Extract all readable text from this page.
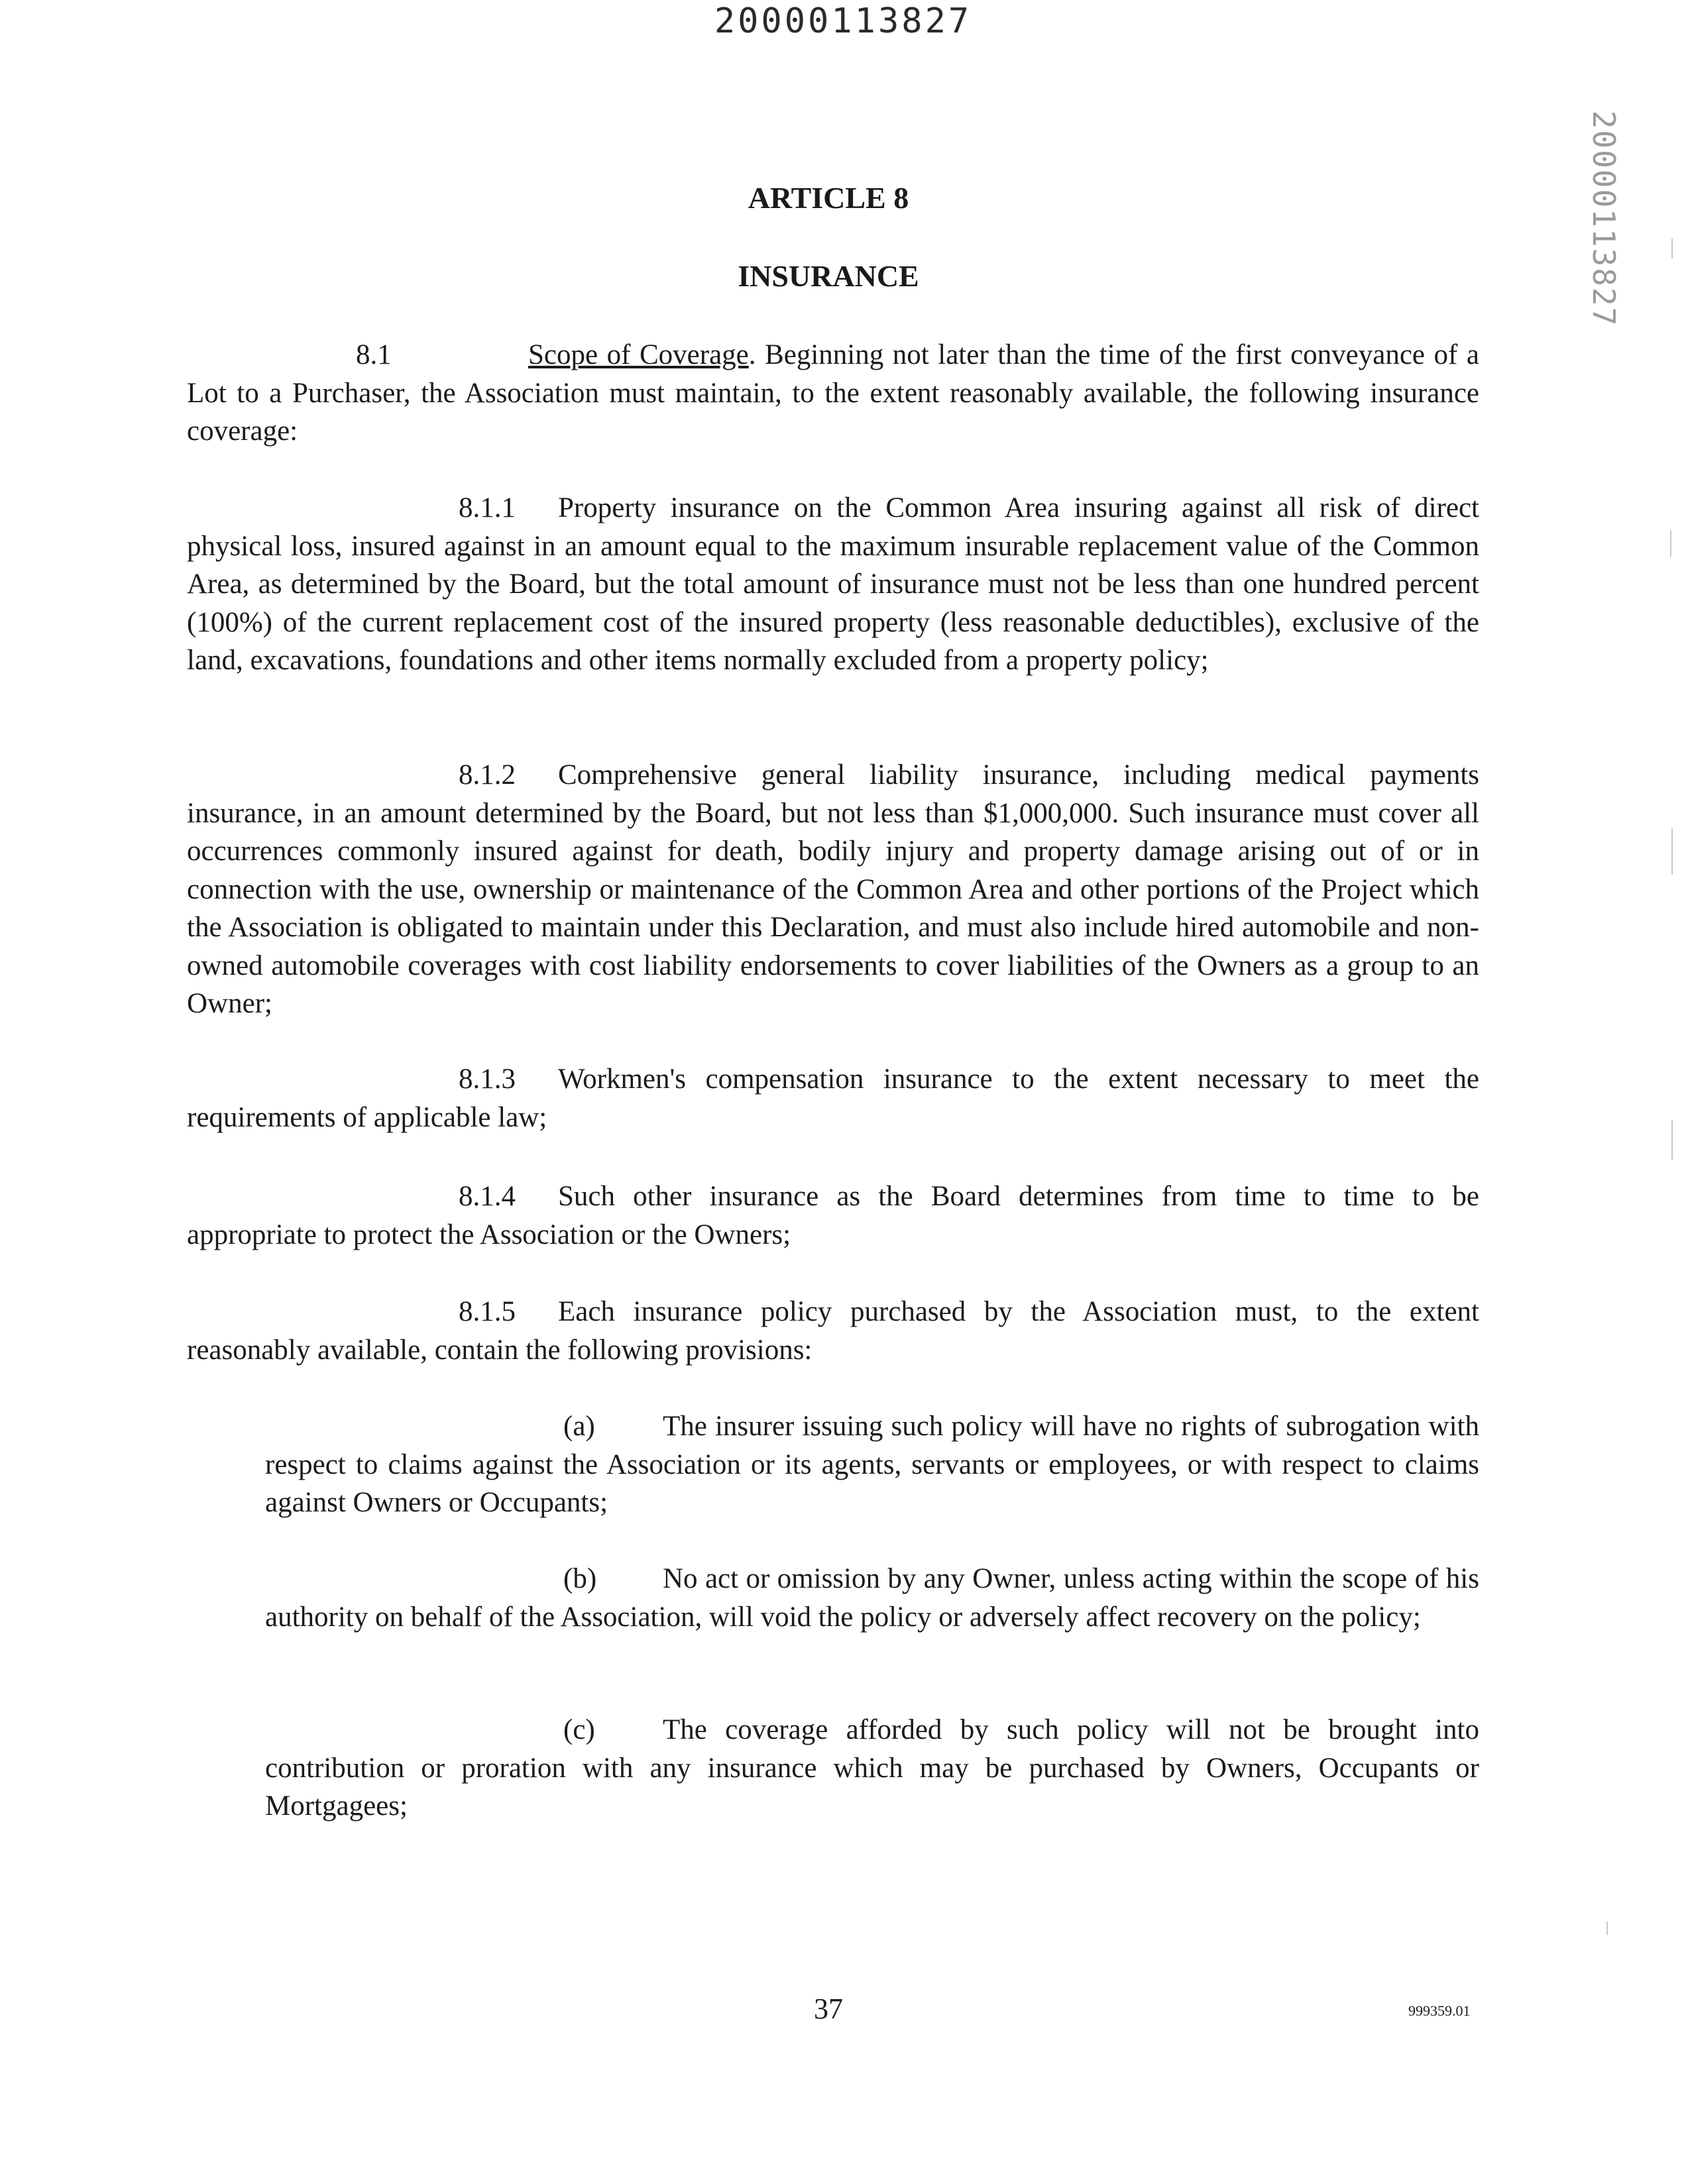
20000113827
20000113827
ARTICLE 8
INSURANCE
8.1	Scope of Coverage. Beginning not later than the time of the first conveyance of a Lot to a Purchaser, the Association must maintain, to the extent reasonably available, the following insurance coverage:
8.1.1 Property insurance on the Common Area insuring against all risk of direct physical loss, insured against in an amount equal to the maximum insurable replacement value of the Common Area, as determined by the Board, but the total amount of insurance must not be less than one hundred percent (100%) of the current replacement cost of the insured property (less reasonable deductibles), exclusive of the land, excavations, foundations and other items normally excluded from a property policy;
8.1.2 Comprehensive general liability insurance, including medical payments insurance, in an amount determined by the Board, but not less than $1,000,000. Such insurance must cover all occurrences commonly insured against for death, bodily injury and property damage arising out of or in connection with the use, ownership or maintenance of the Common Area and other portions of the Project which the Association is obligated to maintain under this Declaration, and must also include hired automobile and non-owned automobile coverages with cost liability endorsements to cover liabilities of the Owners as a group to an Owner;
8.1.3 Workmen's compensation insurance to the extent necessary to meet the requirements of applicable law;
8.1.4 Such other insurance as the Board determines from time to time to be appropriate to protect the Association or the Owners;
8.1.5 Each insurance policy purchased by the Association must, to the extent reasonably available, contain the following provisions:
(a) The insurer issuing such policy will have no rights of subrogation with respect to claims against the Association or its agents, servants or employees, or with respect to claims against Owners or Occupants;
(b) No act or omission by any Owner, unless acting within the scope of his authority on behalf of the Association, will void the policy or adversely affect recovery on the policy;
(c) The coverage afforded by such policy will not be brought into contribution or proration with any insurance which may be purchased by Owners, Occupants or Mortgagees;
37	999359.01
